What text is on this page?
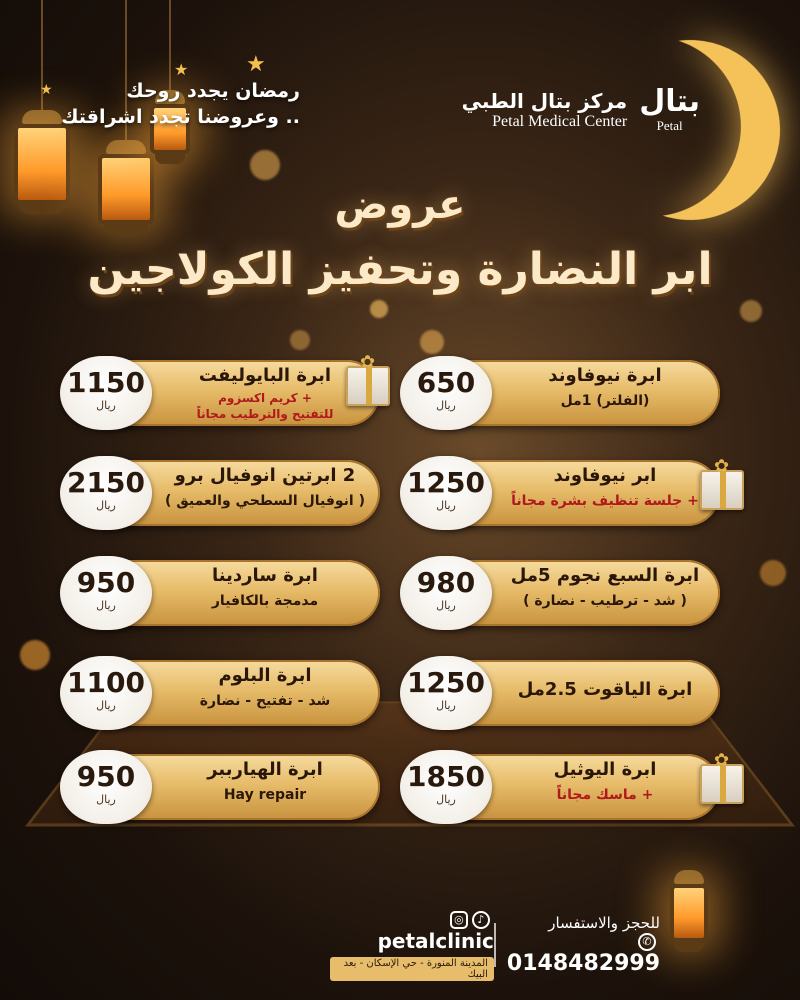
★
★
★	رمضان يجدد روحك
وعروضنا تجدد اشراقتك ..
مركز بتال الطبي
Petal Medical Center
بتال
Petal
عروض
ابر النضارة وتحفيز الكولاجين
650
ريال
ابرة نيوفاوند
(الفلتر) 1مل
1150
ريال
ابرة البايوليفت
+ كريم اكسزوم
للتفتيح والترطيب مجاناً
✿
1250
ريال
ابر نيوفاوند
+ جلسة تنظيف بشرة مجاناً
✿
2150
ريال
2 ابرتين انوفيال برو
( انوفيال السطحي والعميق )
980
ريال
ابرة السبع نجوم 5مل
( شد - ترطيب - نضارة )
950
ريال
ابرة ساردينا
مدمجة بالكافيار
1250
ريال
ابرة الياقوت 2.5مل
1100
ريال
ابرة البلوم
شد - تفتيح - نضارة
1850
ريال
ابرة اليوثيل
+ ماسك مجاناً
✿
950
ريال
ابرة الهيارببر
Hay repair
◎ ♪ petalclinic
المدينة المنورة - حي الإسكان - بعد البيك
للحجز والاستفسار
✆ 0148482999
